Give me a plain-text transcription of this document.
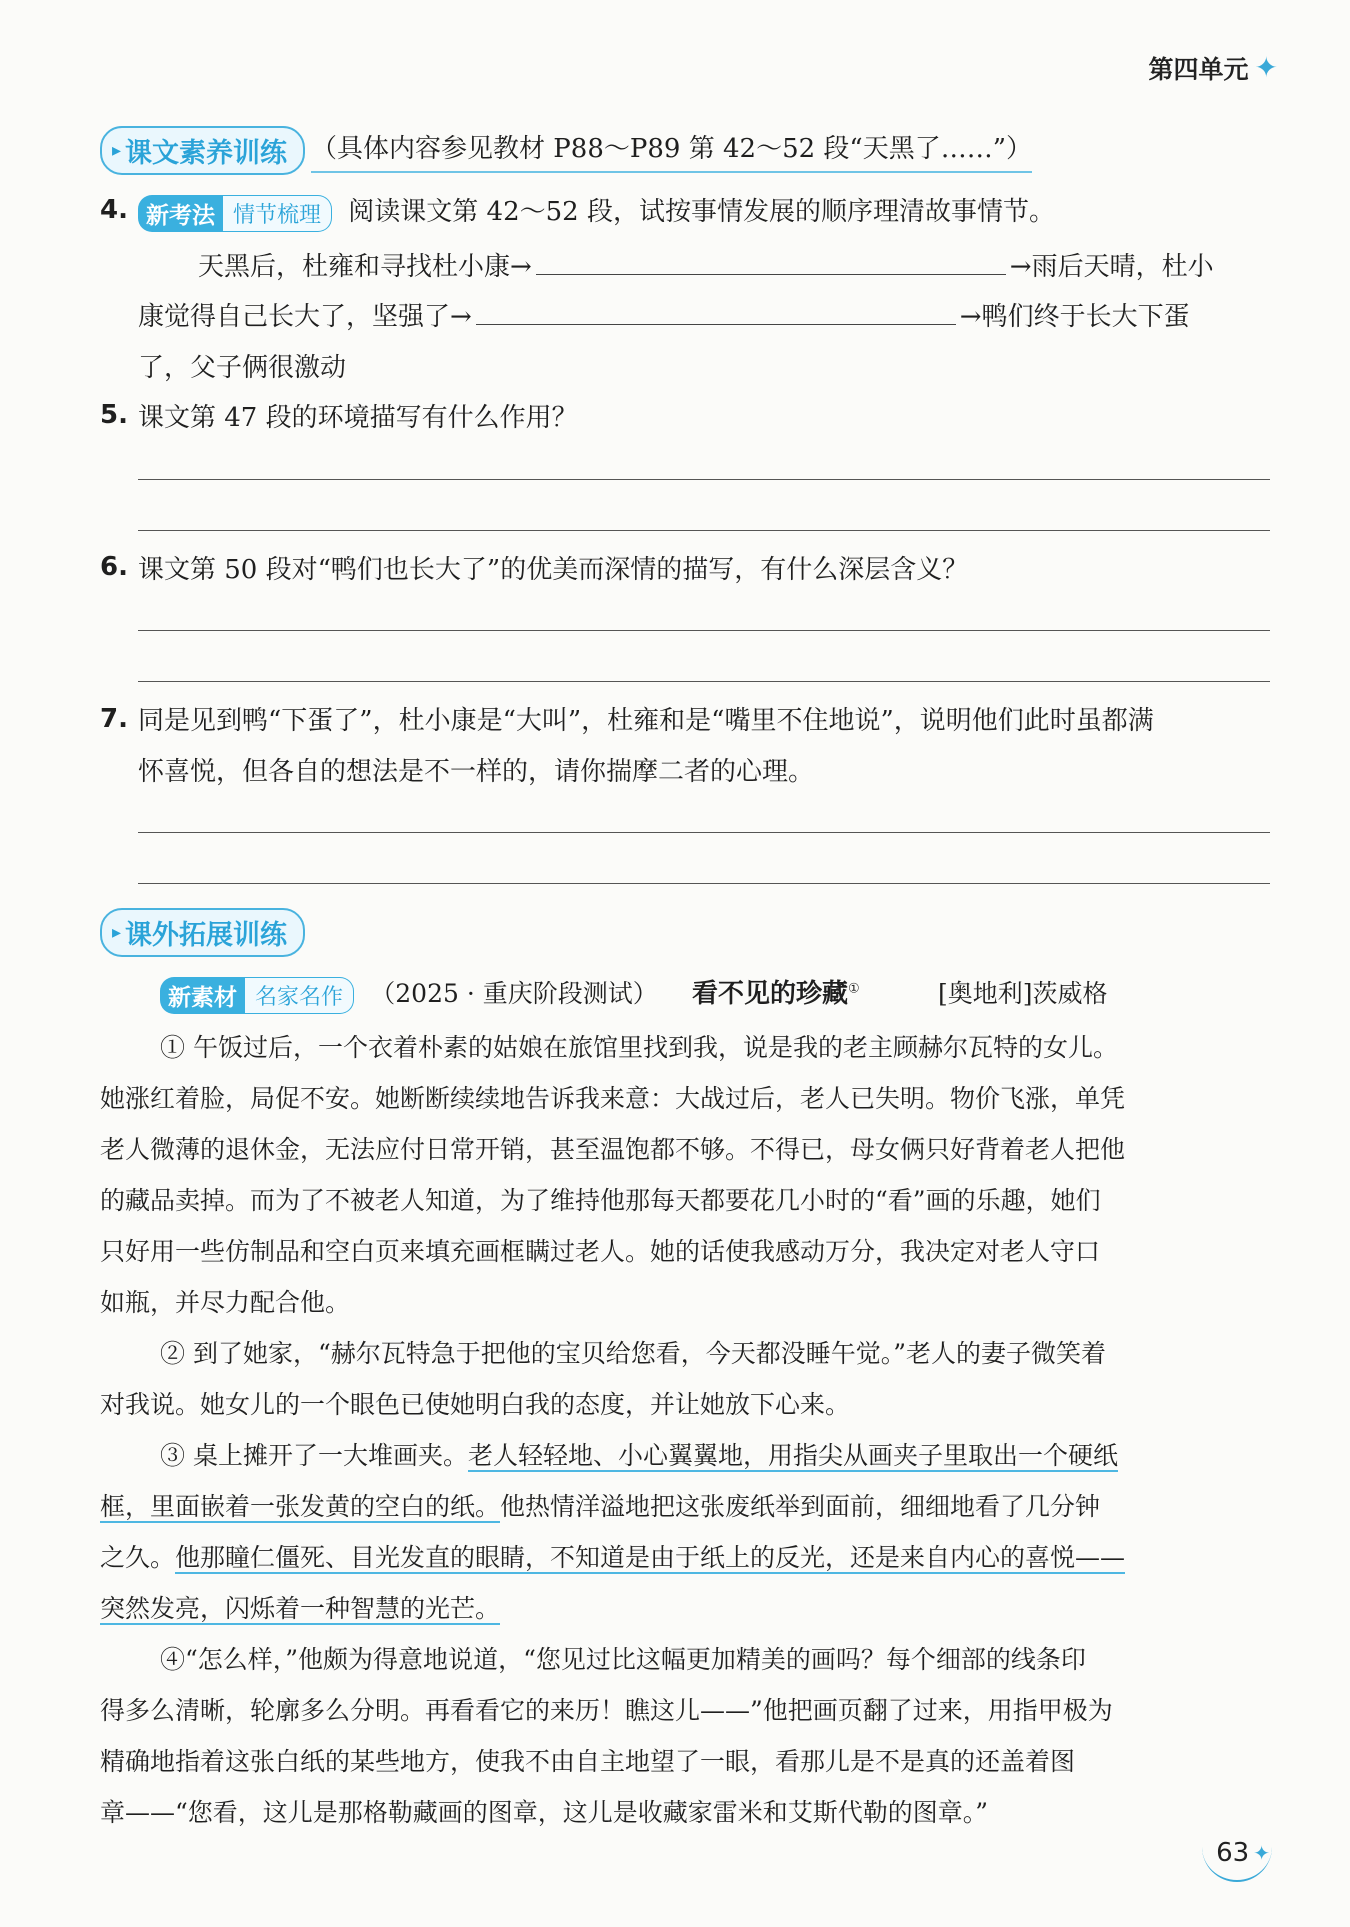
第四单元 ✦
▸ 课文素养训练 （具体内容参见教材 P88～P89 第 42～52 段“天黑了……”）
4. 新考法 情节梳理	阅读课文第 42～52 段，试按事情发展的顺序理清故事情节。
天黑后，杜雍和寻找杜小康→	→雨后天晴，杜小
康觉得自己长大了，坚强了→	→鸭们终于长大下蛋
了，父子俩很激动
5. 课文第 47 段的环境描写有什么作用？
6. 课文第 50 段对“鸭们也长大了”的优美而深情的描写，有什么深层含义？
7. 同是见到鸭“下蛋了”，杜小康是“大叫”，杜雍和是“嘴里不住地说”，说明他们此时虽都满
怀喜悦，但各自的想法是不一样的，请你揣摩二者的心理。
▸ 课外拓展训练
新素材 名家名作	（2025 · 重庆阶段测试） 看不见的珍藏①	[奥地利]茨威格
① 午饭过后，一个衣着朴素的姑娘在旅馆里找到我，说是我的老主顾赫尔瓦特的女儿。
她涨红着脸，局促不安。她断断续续地告诉我来意：大战过后，老人已失明。物价飞涨，单凭
老人微薄的退休金，无法应付日常开销，甚至温饱都不够。不得已，母女俩只好背着老人把他
的藏品卖掉。而为了不被老人知道，为了维持他那每天都要花几小时的“看”画的乐趣，她们
只好用一些仿制品和空白页来填充画框瞒过老人。她的话使我感动万分，我决定对老人守口
如瓶，并尽力配合他。
② 到了她家，“赫尔瓦特急于把他的宝贝给您看，今天都没睡午觉。”老人的妻子微笑着
对我说。她女儿的一个眼色已使她明白我的态度，并让她放下心来。
③ 桌上摊开了一大堆画夹。老人轻轻地、小心翼翼地，用指尖从画夹子里取出一个硬纸
框，里面嵌着一张发黄的空白的纸。他热情洋溢地把这张废纸举到面前，细细地看了几分钟
之久。他那瞳仁僵死、目光发直的眼睛，不知道是由于纸上的反光，还是来自内心的喜悦——
突然发亮，闪烁着一种智慧的光芒。
④“怎么样，”他颇为得意地说道，“您见过比这幅更加精美的画吗？每个细部的线条印
得多么清晰，轮廓多么分明。再看看它的来历！瞧这儿——”他把画页翻了过来，用指甲极为
精确地指着这张白纸的某些地方，使我不由自主地望了一眼，看那儿是不是真的还盖着图
章——“您看，这儿是那格勒藏画的图章，这儿是收藏家雷米和艾斯代勒的图章。”
63 ✦
